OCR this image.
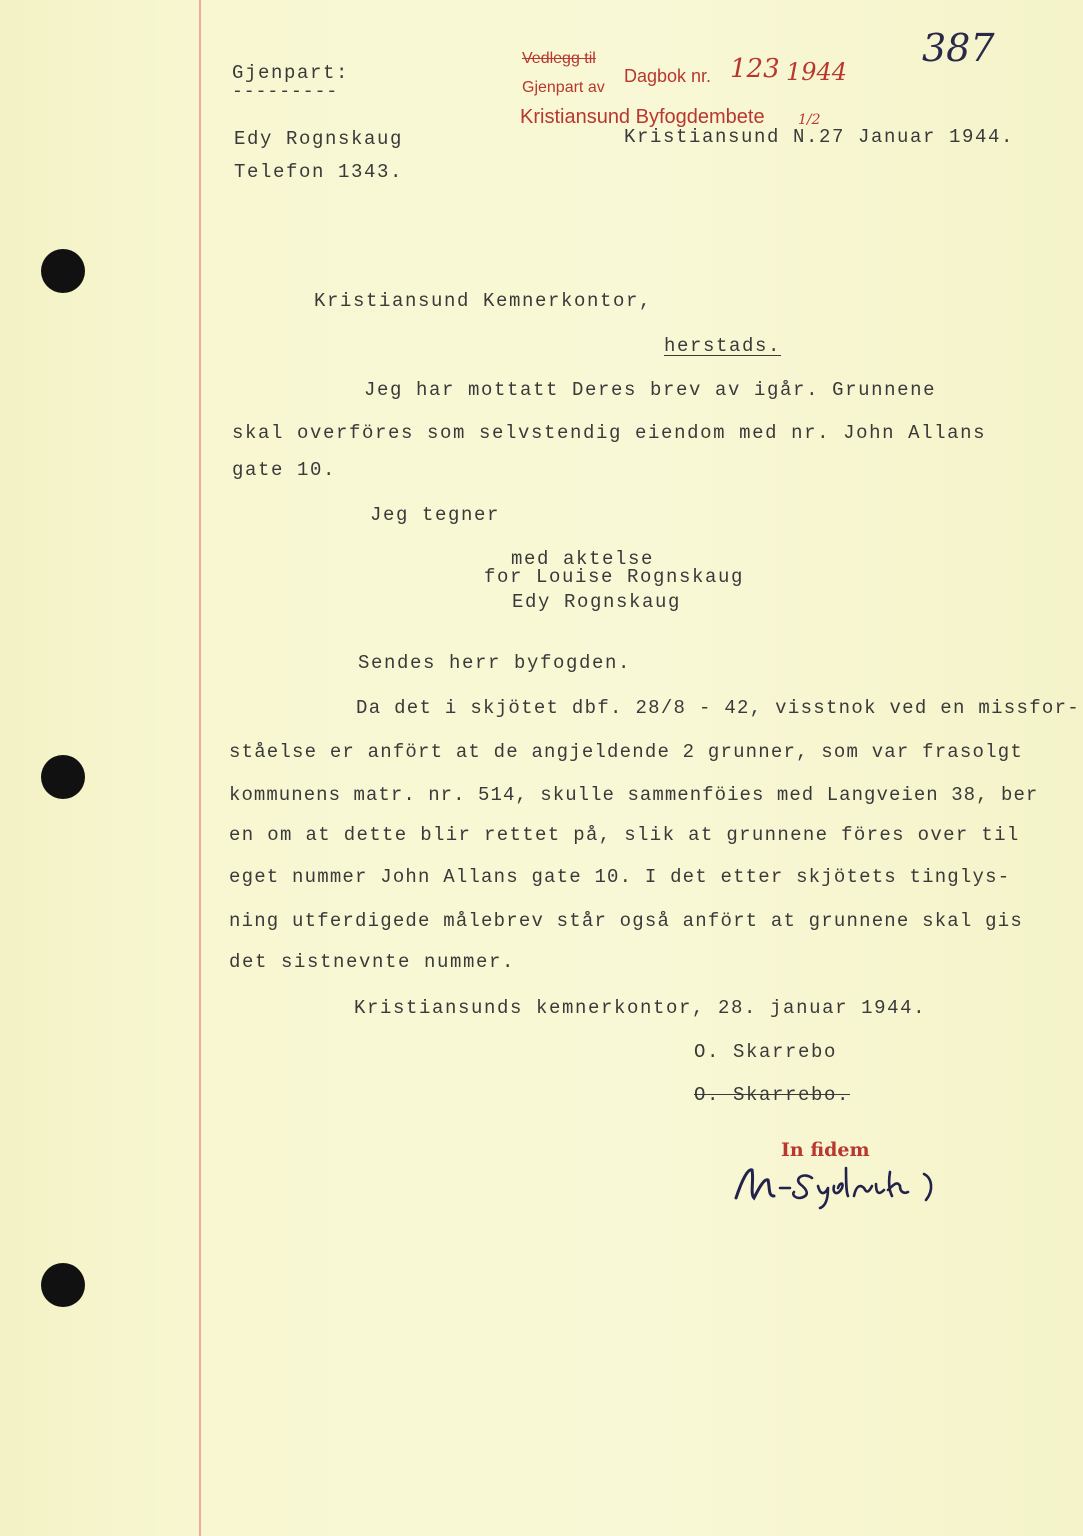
387
Vedlegg til
Gjenpart av
Dagbok nr. 123 1944
Kristiansund Byfogdembete 1/2
Gjenpart:
---------
Edy Rognskaug
Telefon 1343.
Kristiansund N.27 Januar 1944.
Kristiansund Kemnerkontor,
herstads.
Jeg har mottatt Deres brev av igår. Grunnene
skal overföres som selvstendig eiendom med nr. John Allans
gate 10.
Jeg tegner
med aktelse
for Louise Rognskaug
Edy Rognskaug
Sendes herr byfogden.
Da det i skjötet dbf. 28/8 - 42, visstnok ved en missfor-
ståelse er anfört at de angjeldende 2 grunner, som var frasolgt
kommunens matr. nr. 514, skulle sammenföies med Langveien 38, ber
en om at dette blir rettet på, slik at grunnene föres over til
eget nummer John Allans gate 10. I det etter skjötets tinglys-
ning utferdigede målebrev står også anfört at grunnene skal gis
det sistnevnte nummer.
Kristiansunds kemnerkontor, 28. januar 1944.
O. Skarrebo
O. Skarrebo.
In fidem
